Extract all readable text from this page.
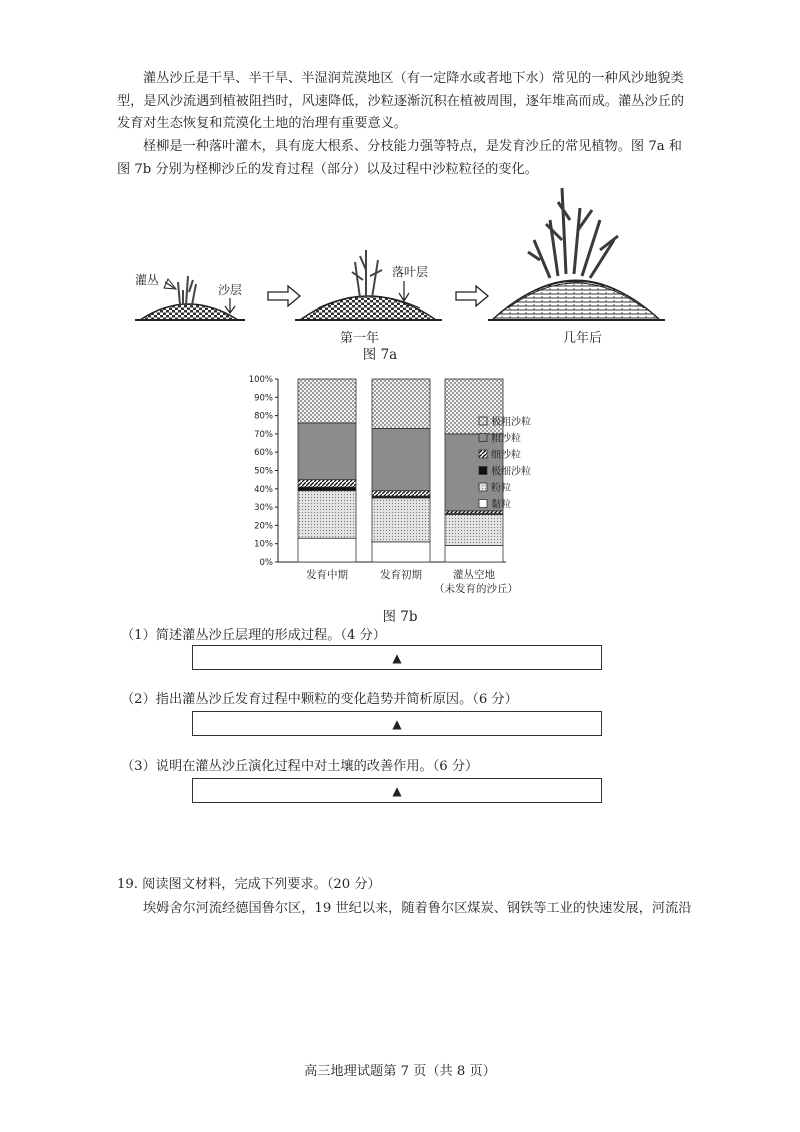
灌丛沙丘是干旱、半干旱、半湿润荒漠地区（有一定降水或者地下水）常见的一种风沙地貌类型，是风沙流遇到植被阻挡时，风速降低，沙粒逐渐沉积在植被周围，逐年堆高而成。灌丛沙丘的发育对生态恢复和荒漠化土地的治理有重要意义。
柽柳是一种落叶灌木，具有庞大根系、分枝能力强等特点，是发育沙丘的常见植物。图 7a 和图 7b 分别为柽柳沙丘的发育过程（部分）以及过程中沙粒粒径的变化。
灌丛
沙层
落叶层
第一年	几年后
图 7a
0%
10%
20%
30%
40%
50%
60%
70%
80%
90%
100%
极粗沙粒
粗沙粒
细沙粒
极细沙粒
粉粒
黏粒
发育中期	发育初期	灌丛空地
（未发育的沙丘）
图 7b
（1）简述灌丛沙丘层理的形成过程。（4 分）
▲
（2）指出灌丛沙丘发育过程中颗粒的变化趋势并简析原因。（6 分）
▲
（3）说明在灌丛沙丘演化过程中对土壤的改善作用。（6 分）
▲
19. 阅读图文材料，完成下列要求。（20 分）
埃姆舍尔河流经德国鲁尔区，19 世纪以来，随着鲁尔区煤炭、钢铁等工业的快速发展，河流沿
高三地理试题第 7 页（共 8 页）
